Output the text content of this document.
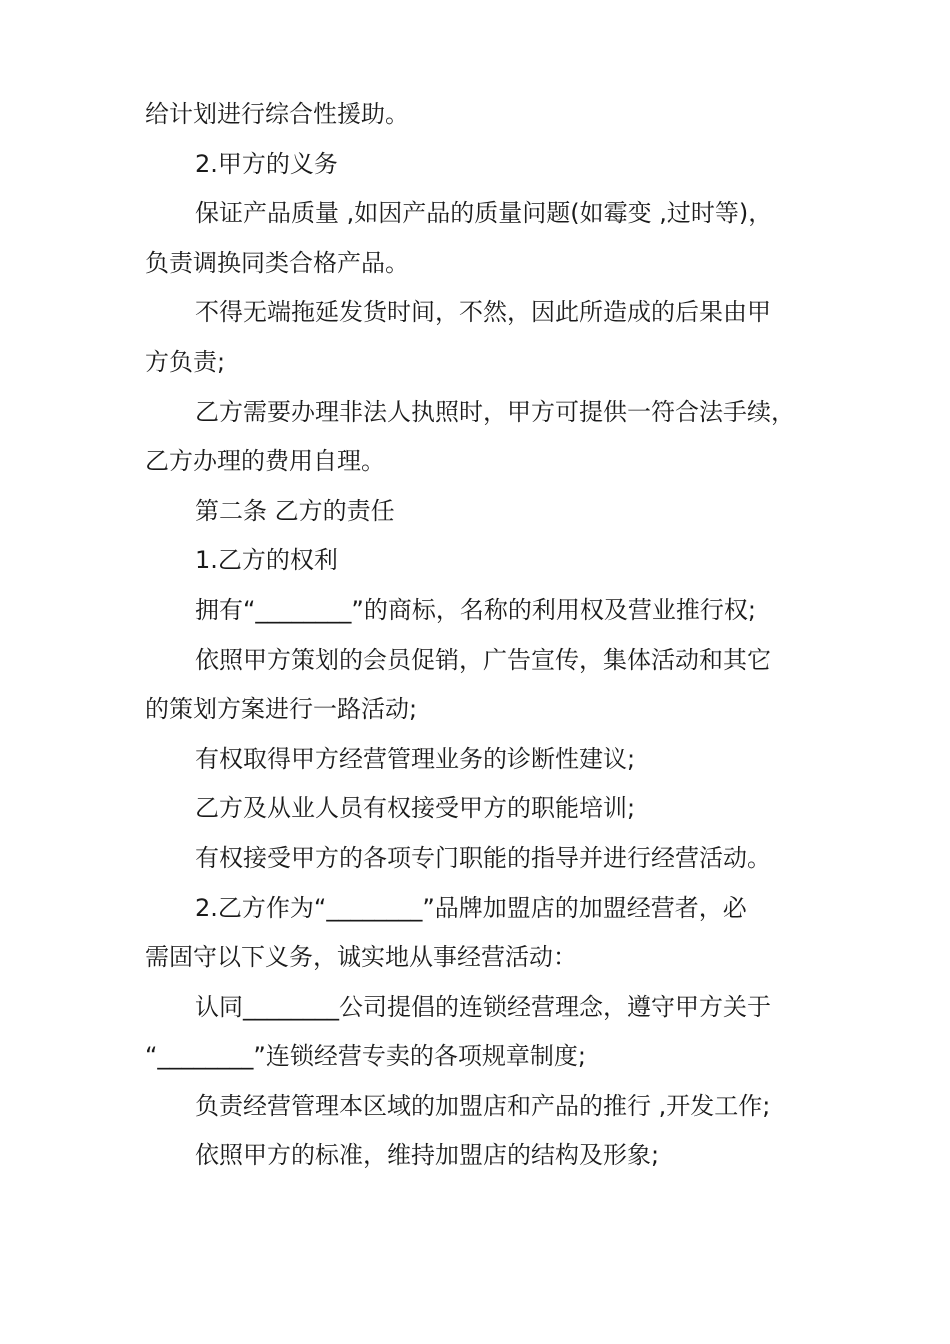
给计划进行综合性援助。
2.甲方的义务
保证产品质量 ,如因产品的质量问题(如霉变 ,过时等)，
负责调换同类合格产品。
不得无端拖延发货时间，不然，因此所造成的后果由甲
方负责;
乙方需要办理非法人执照时，甲方可提供一符合法手续，
乙方办理的费用自理。
第二条 乙方的责任
1.乙方的权利
拥有“________”的商标，名称的利用权及营业推行权;
依照甲方策划的会员促销，广告宣传，集体活动和其它
的策划方案进行一路活动;
有权取得甲方经营管理业务的诊断性建议;
乙方及从业人员有权接受甲方的职能培训;
有权接受甲方的各项专门职能的指导并进行经营活动。
2.乙方作为“________”品牌加盟店的加盟经营者，必
需固守以下义务，诚实地从事经营活动：
认同________公司提倡的连锁经营理念，遵守甲方关于
“________”连锁经营专卖的各项规章制度;
负责经营管理本区域的加盟店和产品的推行 ,开发工作;
依照甲方的标准，维持加盟店的结构及形象;
